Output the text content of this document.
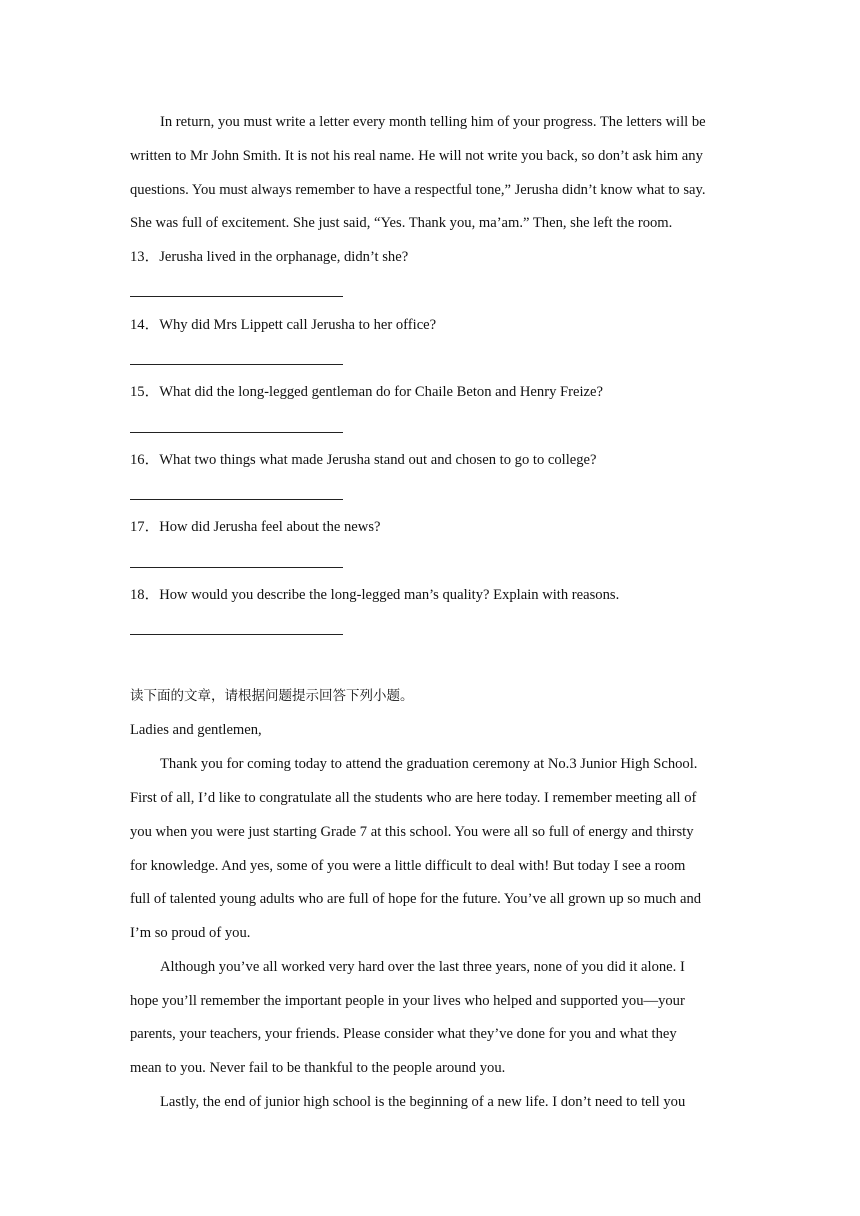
In return, you must write a letter every month telling him of your progress. The letters will be
written to Mr John Smith. It is not his real name. He will not write you back, so don’t ask him any
questions. You must always remember to have a respectful tone,” Jerusha didn’t know what to say.
She was full of excitement. She just said, “Yes. Thank you, ma’am.” Then, she left the room.
13．Jerusha lived in the orphanage, didn’t she?
14．Why did Mrs Lippett call Jerusha to her office?
15．What did the long-legged gentleman do for Chaile Beton and Henry Freize?
16．What two things what made Jerusha stand out and chosen to go to college?
17．How did Jerusha feel about the news?
18．How would you describe the long-legged man’s quality? Explain with reasons.
读下面的文章，请根据问题提示回答下列小题。
Ladies and gentlemen,
Thank you for coming today to attend the graduation ceremony at No.3 Junior High School.
First of all, I’d like to congratulate all the students who are here today. I remember meeting all of
you when you were just starting Grade 7 at this school. You were all so full of energy and thirsty
for knowledge. And yes, some of you were a little difficult to deal with! But today I see a room
full of talented young adults who are full of hope for the future. You’ve all grown up so much and
I’m so proud of you.
Although you’ve all worked very hard over the last three years, none of you did it alone. I
hope you’ll remember the important people in your lives who helped and supported you—your
parents, your teachers, your friends. Please consider what they’ve done for you and what they
mean to you. Never fail to be thankful to the people around you.
Lastly, the end of junior high school is the beginning of a new life. I don’t need to tell you
